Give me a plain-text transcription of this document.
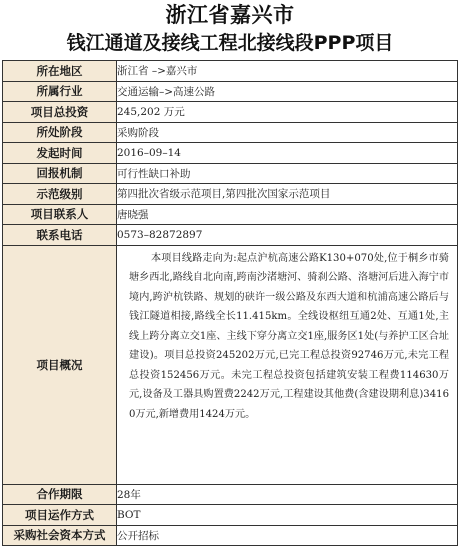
浙江省嘉兴市
钱江通道及接线工程北接线段PPP项目
所在地区	浙江省 –>嘉兴市
所属行业	交通运输–>高速公路
项目总投资	245,202 万元
所处阶段	采购阶段
发起时间	2016–09–14
回报机制	可行性缺口补助
示范级别	第四批次省级示范项目,第四批次国家示范项目
项目联系人	唐晓强
联系电话	0573–82872897
项目概况	本项目线路走向为:起点沪杭高速公路K130+070处,位于桐乡市骑塘乡西北,路线自北向南,跨南沙渚塘河、骑刹公路、洛塘河后进入海宁市境内,跨沪杭铁路、规划的硖许一级公路及东西大道和杭浦高速公路后与钱江隧道相接,路线全长11.415km。全线设枢纽互通2处、互通1处,主线上跨分离立交1座、主线下穿分离立交1座,服务区1处(与养护工区合址建设)。项目总投资245202万元,已完工程总投资92746万元,未完工程总投资152456万元。未完工程总投资包括建筑安装工程费114630万元,设备及工器具购置费2242万元,工程建设其他费(含建设期利息)34160万元,新增费用1424万元。
合作期限	28年
项目运作方式	BOT
采购社会资本方式	公开招标
